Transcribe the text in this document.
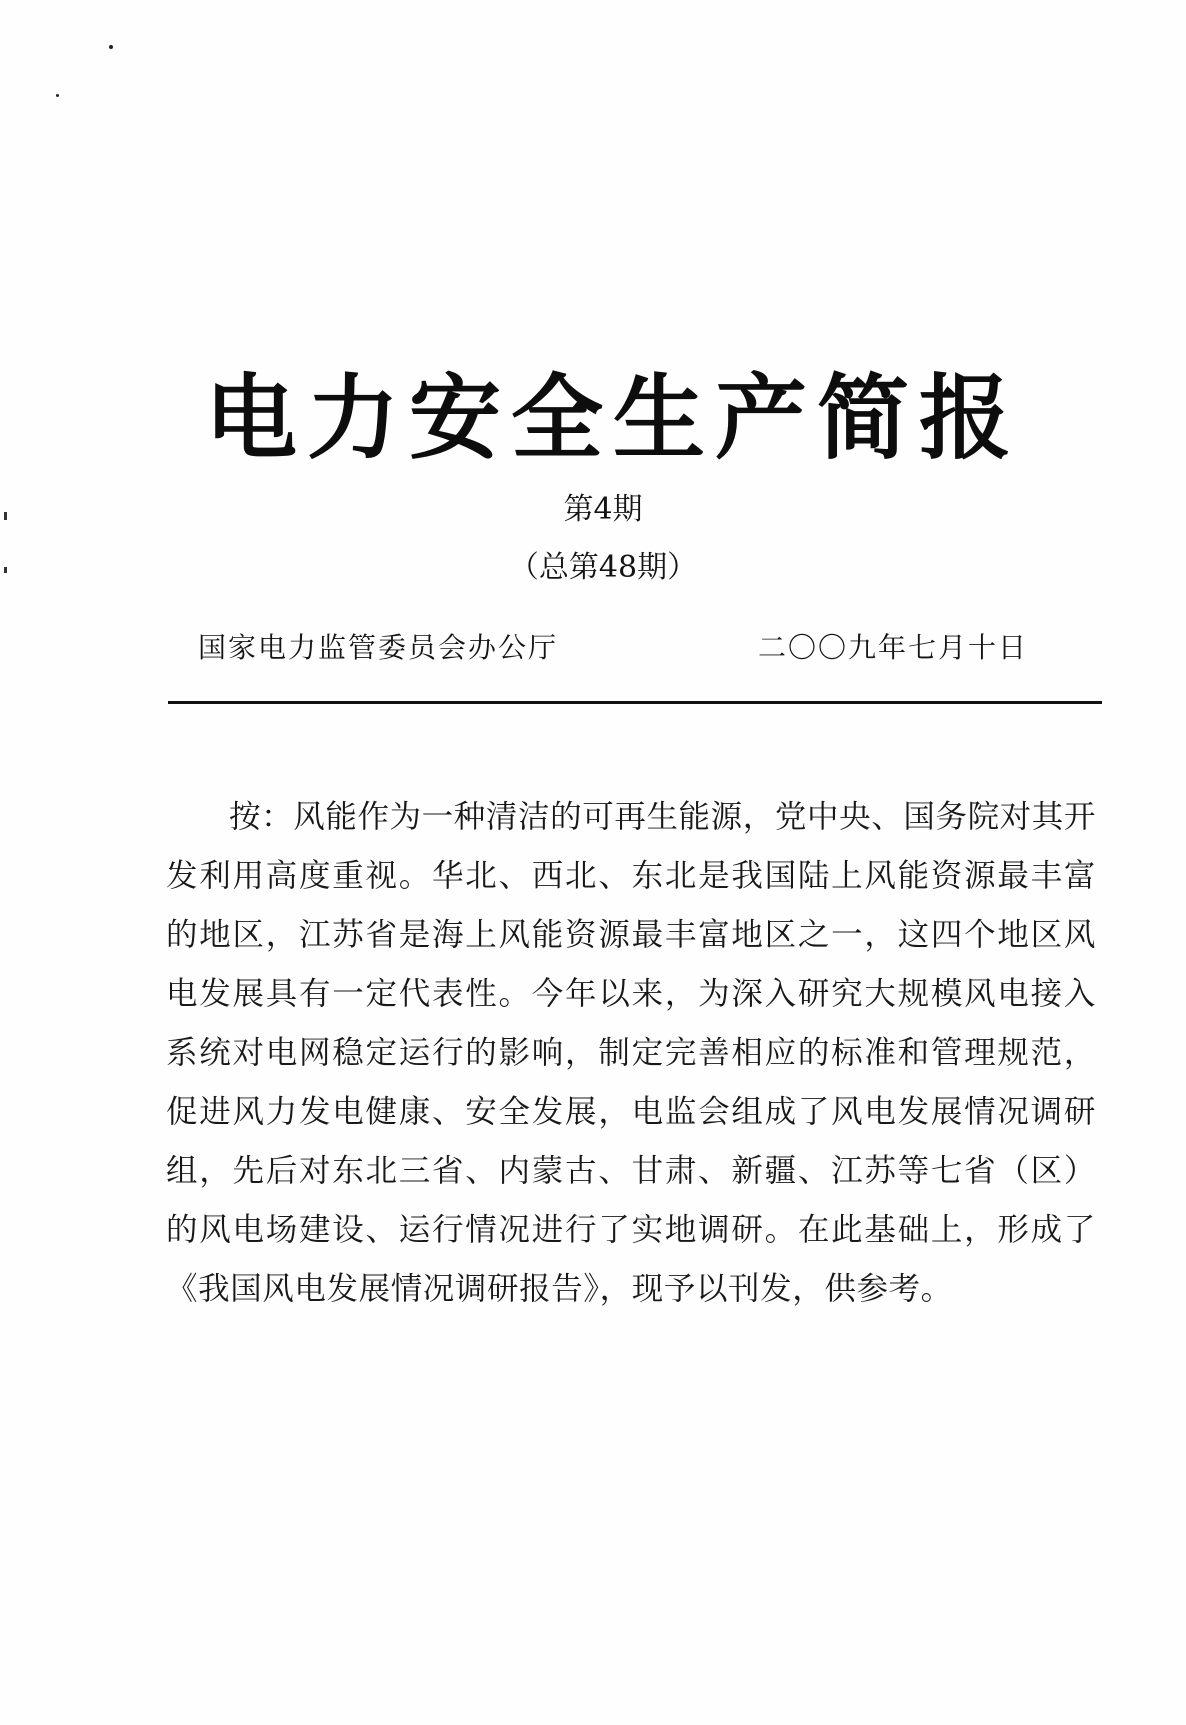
电力安全生产简报
第4期
（总第48期）
国家电力监管委员会办公厅	二〇〇九年七月十日

按：风能作为一种清洁的可再生能源，党中央、国务院对其开发利用高度重视。华北、西北、东北是我国陆上风能资源最丰富的地区，江苏省是海上风能资源最丰富地区之一，这四个地区风电发展具有一定代表性。今年以来，为深入研究大规模风电接入系统对电网稳定运行的影响，制定完善相应的标准和管理规范，促进风力发电健康、安全发展，电监会组成了风电发展情况调研组，先后对东北三省、内蒙古、甘肃、新疆、江苏等七省（区）的风电场建设、运行情况进行了实地调研。在此基础上，形成了《我国风电发展情况调研报告》，现予以刊发，供参考。
